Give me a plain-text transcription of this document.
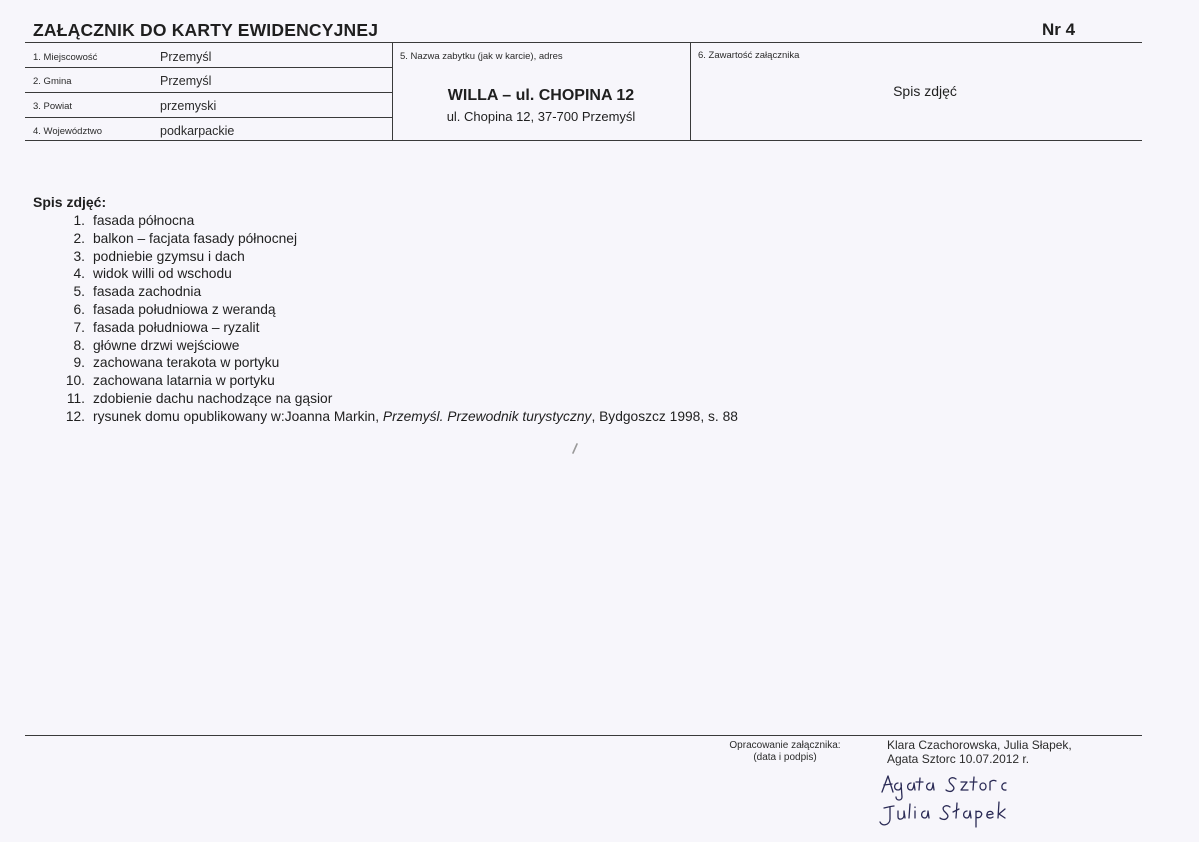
ZAŁĄCZNIK DO KARTY EWIDENCYJNEJ	Nr 4
1. Miejscowość	Przemyśl
2. Gmina	Przemyśl
3. Powiat	przemyski
4. Województwo	podkarpackie
5. Nazwa zabytku (jak w karcie), adres
WILLA – ul. CHOPINA 12
ul. Chopina 12, 37-700 Przemyśl
6. Zawartość załącznika
Spis zdjęć
Spis zdjęć:
1. fasada północna
2. balkon – facjata fasady północnej
3. podniebie gzymsu i dach
4. widok willi od wschodu
5. fasada zachodnia
6. fasada południowa z werandą
7. fasada południowa – ryzalit
8. główne drzwi wejściowe
9. zachowana terakota w portyku
10. zachowana latarnia w portyku
11. zdobienie dachu nachodzące na gąsior
12. rysunek domu opublikowany w:Joanna Markin, Przemyśl. Przewodnik turystyczny, Bydgoszcz 1998, s. 88
Opracowanie załącznika:
(data i podpis)
Klara Czachorowska, Julia Słapek,
Agata Sztorc 10.07.2012 r.
